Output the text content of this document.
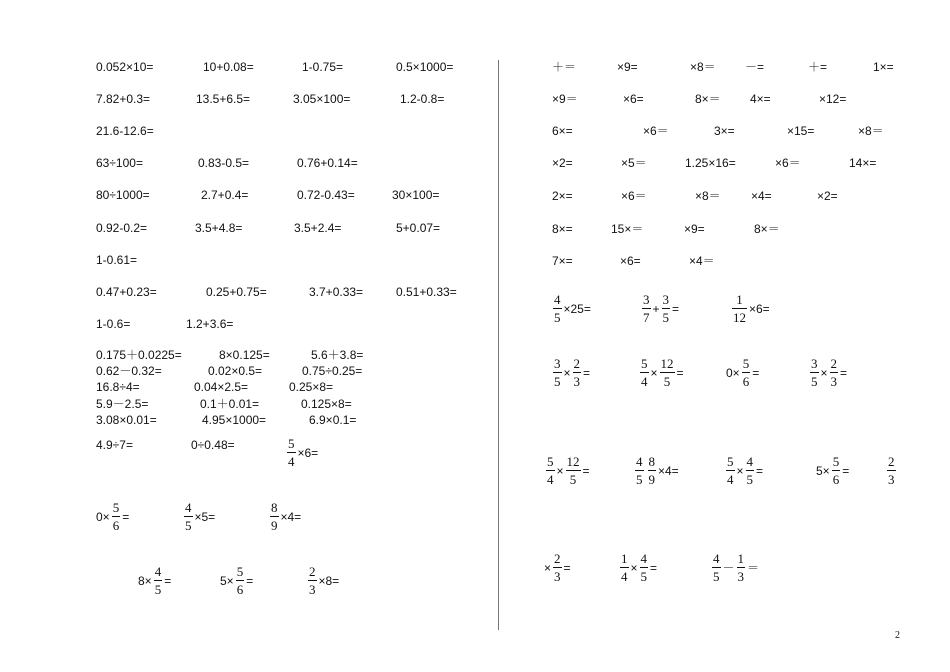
0.052×10=	10+0.08=	1-0.75=	0.5×1000=
7.82+0.3=	13.5+6.5=	3.05×100=	1.2-0.8=
21.6-12.6=
63÷100=	0.83-0.5=	0.76+0.14=
80÷1000=	2.7+0.4=	0.72-0.43=	30×100=
0.92-0.2=	3.5+4.8=	3.5+2.4=	5+0.07=
1-0.61=
0.47+0.23=	0.25+0.75=	3.7+0.33=	0.51+0.33=
1-0.6=	1.2+3.6=
0.175＋0.0225=	8×0.125=	5.6＋3.8=
0.62－0.32=	0.02×0.5=	0.75÷0.25=
16.8÷4=	0.04×2.5=	0.25×8=
5.9－2.5=	0.1＋0.01=	0.125×8=
3.08×0.01=	4.95×1000=	6.9×0.1=
4.9÷7=	0÷0.48=	$\frac{5}{4} \times 6=$
$0\times \frac{5}{6}$ =	$\frac{4}{5} \times 5=$	$\frac{8}{9} \times 4=$
$8\times \frac{4}{5}$ =	$5\times \frac{5}{6}$ =	$\frac{2}{3} \times 8=$
＋＝	×9=	×8＝ －=	＋=	1×=
×9＝	×6=	8×＝ 4×=	×12=
6×=	×6＝	3×=	×15=	×8＝
×2=	×5＝	1.25×16=	×6＝	14×=
2×=	×6＝	×8＝	×4=	×2=
8×=	15×＝	×9=	8×＝
7×=	×6=	×4＝
$\frac{4}{5} \times 25=$	$\frac{3}{7} + \frac{3}{5}$ =	$\frac{1}{12} \times 6=$
$\frac{3}{5} \times \frac{2}{3}$ =	$\frac{5}{4} \times \frac{12}{5}$ =	$0\times \frac{5}{6}$ =	$\frac{3}{5} \times \frac{2}{3}$ =
$\frac{5}{4} \times \frac{12}{5}$ =	$\frac{4}{5} \frac{8}{9} \times 4=$	$\frac{5}{4} \times \frac{4}{5}$ =	$5\times \frac{5}{6}$ =	$\frac{2}{3}$
× $\frac{2}{3}$ =	$\frac{1}{4} \times \frac{4}{5}$ =	$\frac{4}{5} - \frac{1}{3}$ ＝
2
